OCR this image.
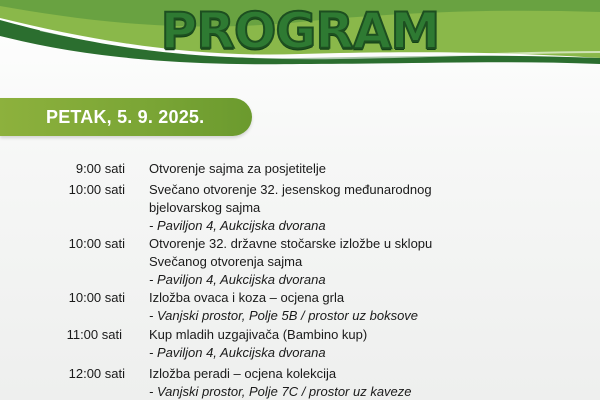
PROGRAM
PETAK, 5. 9. 2025.
9:00 sati Otvorenje sajma za posjetitelje
10:00 sati Svečano otvorenje 32. jesenskog međunarodnog
bjelovarskog sajma
- Paviljon 4, Aukcijska dvorana
10:00 sati Otvorenje 32. državne stočarske izložbe u sklopu
Svečanog otvorenja sajma
- Paviljon 4, Aukcijska dvorana
10:00 sati Izložba ovaca i koza – ocjena grla
- Vanjski prostor, Polje 5B / prostor uz boksove
11:00 sati Kup mladih uzgajivača (Bambino kup)
- Paviljon 4, Aukcijska dvorana
12:00 sati Izložba peradi – ocjena kolekcija
- Vanjski prostor, Polje 7C / prostor uz kaveze
